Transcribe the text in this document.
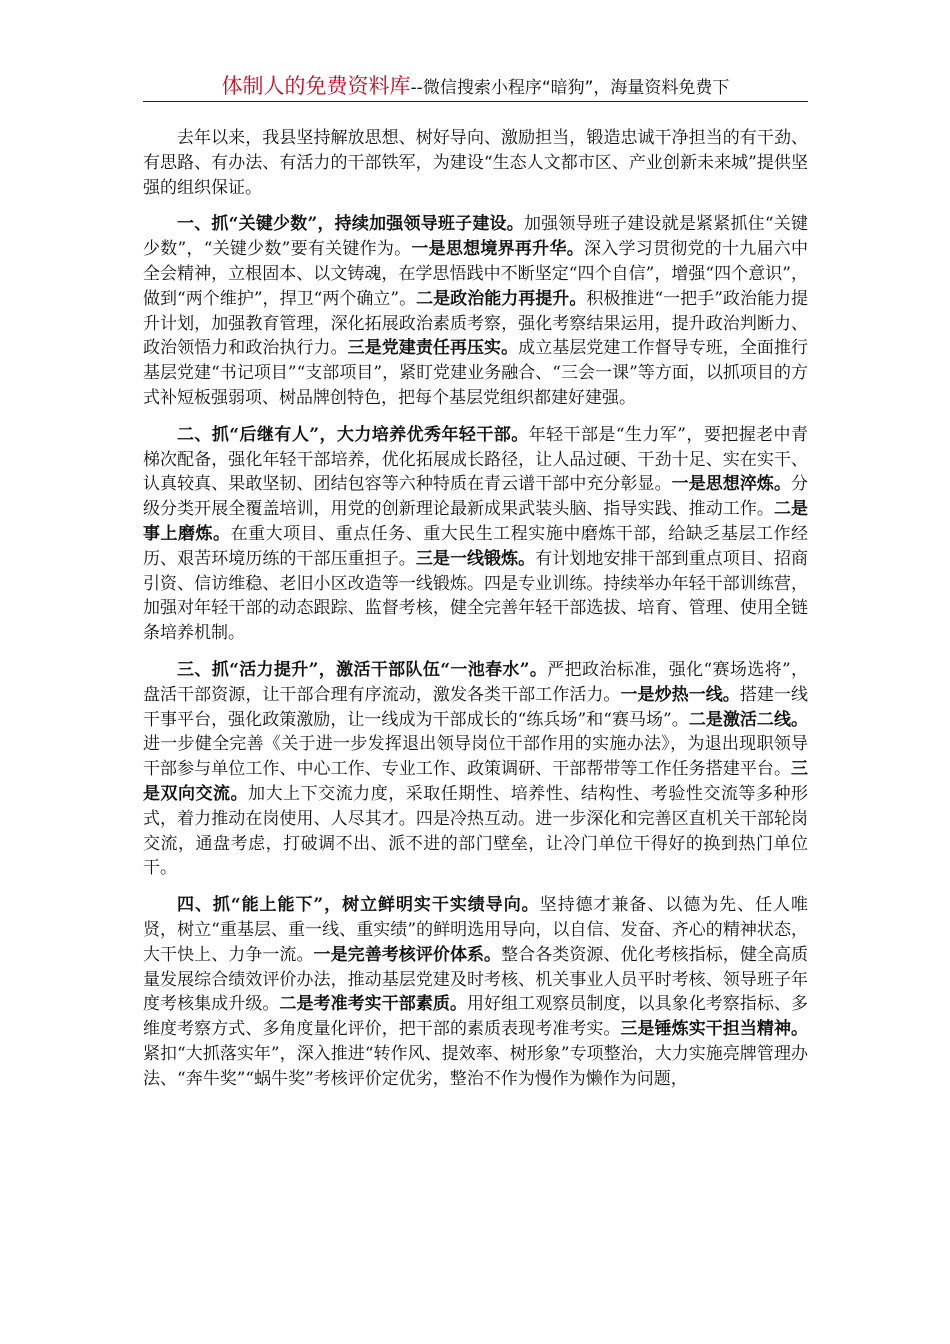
体制人的免费资料库--微信搜索小程序“暗狗”，海量资料免费下

去年以来，我县坚持解放思想、树好导向、激励担当，锻造忠诚干净担当的有干劲、有思路、有办法、有活力的干部铁军，为建设“生态人文都市区、产业创新未来城”提供坚强的组织保证。

一、抓“关键少数”，持续加强领导班子建设。加强领导班子建设就是紧紧抓住“关键少数”，“关键少数”要有关键作为。一是思想境界再升华。深入学习贯彻党的十九届六中全会精神，立根固本、以文铸魂，在学思悟践中不断坚定“四个自信”，增强“四个意识”，做到“两个维护”，捍卫“两个确立”。二是政治能力再提升。积极推进“一把手”政治能力提升计划，加强教育管理，深化拓展政治素质考察，强化考察结果运用，提升政治判断力、政治领悟力和政治执行力。三是党建责任再压实。成立基层党建工作督导专班，全面推行基层党建“书记项目”“支部项目”，紧盯党建业务融合、“三会一课”等方面，以抓项目的方式补短板强弱项、树品牌创特色，把每个基层党组织都建好建强。

二、抓“后继有人”，大力培养优秀年轻干部。年轻干部是“生力军”，要把握老中青梯次配备，强化年轻干部培养，优化拓展成长路径，让人品过硬、干劲十足、实在实干、认真较真、果敢坚韧、团结包容等六种特质在青云谱干部中充分彰显。一是思想淬炼。分级分类开展全覆盖培训，用党的创新理论最新成果武装头脑、指导实践、推动工作。二是事上磨炼。在重大项目、重点任务、重大民生工程实施中磨炼干部，给缺乏基层工作经历、艰苦环境历练的干部压重担子。三是一线锻炼。有计划地安排干部到重点项目、招商引资、信访维稳、老旧小区改造等一线锻炼。四是专业训练。持续举办年轻干部训练营，加强对年轻干部的动态跟踪、监督考核，健全完善年轻干部选拔、培育、管理、使用全链条培养机制。

三、抓“活力提升”，激活干部队伍“一池春水”。严把政治标准，强化“赛场选将”，盘活干部资源，让干部合理有序流动，激发各类干部工作活力。一是炒热一线。搭建一线干事平台，强化政策激励，让一线成为干部成长的“练兵场”和“赛马场”。二是激活二线。进一步健全完善《关于进一步发挥退出领导岗位干部作用的实施办法》，为退出现职领导干部参与单位工作、中心工作、专业工作、政策调研、干部帮带等工作任务搭建平台。三是双向交流。加大上下交流力度，采取任期性、培养性、结构性、考验性交流等多种形式，着力推动在岗使用、人尽其才。四是冷热互动。进一步深化和完善区直机关干部轮岗交流，通盘考虑，打破调不出、派不进的部门壁垒，让冷门单位干得好的换到热门单位干。

四、抓“能上能下”，树立鲜明实干实绩导向。坚持德才兼备、以德为先、任人唯贤，树立“重基层、重一线、重实绩”的鲜明选用导向，以自信、发奋、齐心的精神状态，大干快上、力争一流。一是完善考核评价体系。整合各类资源、优化考核指标，健全高质量发展综合绩效评价办法，推动基层党建及时考核、机关事业人员平时考核、领导班子年度考核集成升级。二是考准考实干部素质。用好组工观察员制度，以具象化考察指标、多维度考察方式、多角度量化评价，把干部的素质表现考准考实。三是锤炼实干担当精神。紧扣“大抓落实年”，深入推进“转作风、提效率、树形象”专项整治，大力实施亮牌管理办法、“奔牛奖”“蜗牛奖”考核评价定优劣，整治不作为慢作为懒作为问题，
